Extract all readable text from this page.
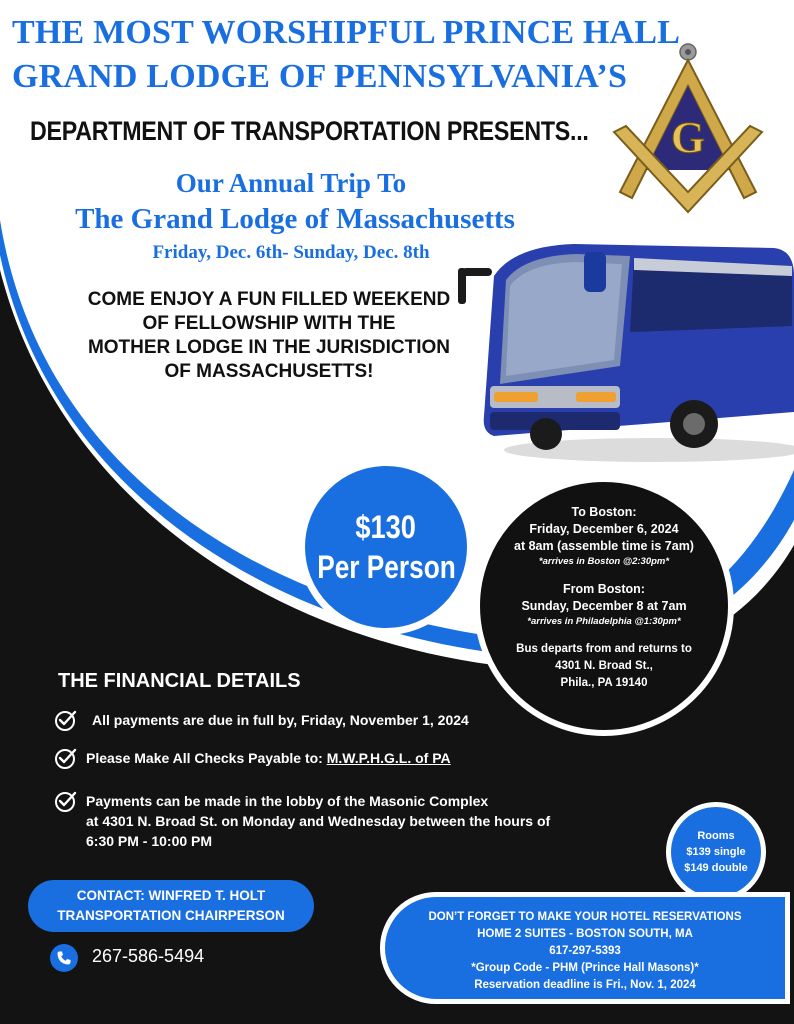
THE MOST WORSHIPFUL PRINCE HALL
GRAND LODGE OF PENNSYLVANIA’S
DEPARTMENT OF TRANSPORTATION PRESENTS... G
Our Annual Trip To
The Grand Lodge of Massachusetts
Friday, Dec. 6th- Sunday, Dec. 8th
COME ENJOY A FUN FILLED WEEKEND
OF FELLOWSHIP WITH THE
MOTHER LODGE IN THE JURISDICTION
OF MASSACHUSETTS!
$130
Per Person
To Boston:
Friday, December 6, 2024
at 8am (assemble time is 7am)
*arrives in Boston @2:30pm*
From Boston:
Sunday, December 8 at 7am
*arrives in Philadelphia @1:30pm*
Bus departs from and returns to
4301 N. Broad St.,
Phila., PA 19140
THE FINANCIAL DETAILS
All payments are due in full by, Friday, November 1, 2024
Please Make All Checks Payable to: M.W.P.H.G.L. of PA
Payments can be made in the lobby of the Masonic Complex
at 4301 N. Broad St. on Monday and Wednesday between the hours of
6:30 PM - 10:00 PM	Rooms
$139 single
$149 double
CONTACT: WINFRED T. HOLT
TRANSPORTATION CHAIRPERSON
267-586-5494
DON’T FORGET TO MAKE YOUR HOTEL RESERVATIONS
HOME 2 SUITES - BOSTON SOUTH, MA
617-297-5393
*Group Code - PHM (Prince Hall Masons)*
Reservation deadline is Fri., Nov. 1, 2024
